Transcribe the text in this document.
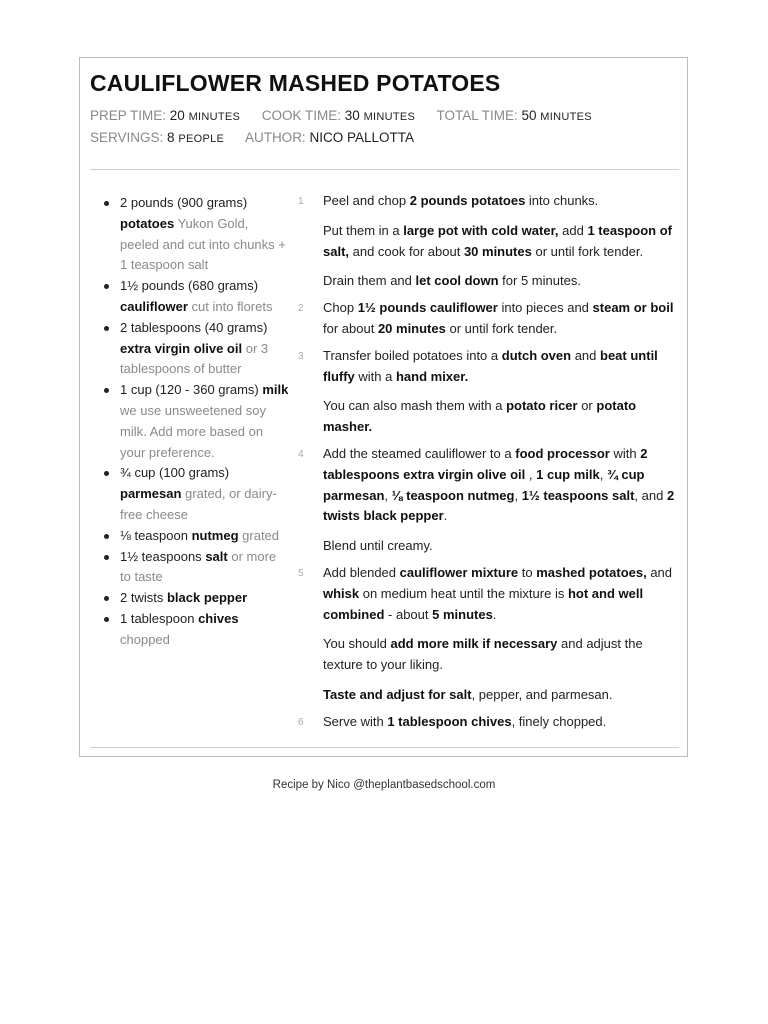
CAULIFLOWER MASHED POTATOES
PREP TIME: 20 MINUTES COOK TIME: 30 MINUTES TOTAL TIME: 50 MINUTES
SERVINGS: 8 PEOPLE AUTHOR: NICO PALLOTTA
2 pounds (900 grams) potatoes Yukon Gold, peeled and cut into chunks + 1 teaspoon salt
1½ pounds (680 grams) cauliflower cut into florets
2 tablespoons (40 grams) extra virgin olive oil or 3 tablespoons of butter
1 cup (120 - 360 grams) milk we use unsweetened soy milk. Add more based on your preference.
¾ cup (100 grams) parmesan grated, or dairy-free cheese
⅛ teaspoon nutmeg grated
1½ teaspoons salt or more to taste
2 twists black pepper
1 tablespoon chives chopped
1 Peel and chop 2 pounds potatoes into chunks.

Put them in a large pot with cold water, add 1 teaspoon of salt, and cook for about 30 minutes or until fork tender.

Drain them and let cool down for 5 minutes.

2 Chop 1½ pounds cauliflower into pieces and steam or boil for about 20 minutes or until fork tender.

3 Transfer boiled potatoes into a dutch oven and beat until fluffy with a hand mixer.

You can also mash them with a potato ricer or potato masher.

4 Add the steamed cauliflower to a food processor with 2 tablespoons extra virgin olive oil , 1 cup milk, ¾ cup parmesan, ⅛ teaspoon nutmeg, 1½ teaspoons salt, and 2 twists black pepper.

Blend until creamy.

5 Add blended cauliflower mixture to mashed potatoes, and whisk on medium heat until the mixture is hot and well combined - about 5 minutes.

You should add more milk if necessary and adjust the texture to your liking.

Taste and adjust for salt, pepper, and parmesan.

6 Serve with 1 tablespoon chives, finely chopped.

Recipe by Nico @theplantbasedschool.com
